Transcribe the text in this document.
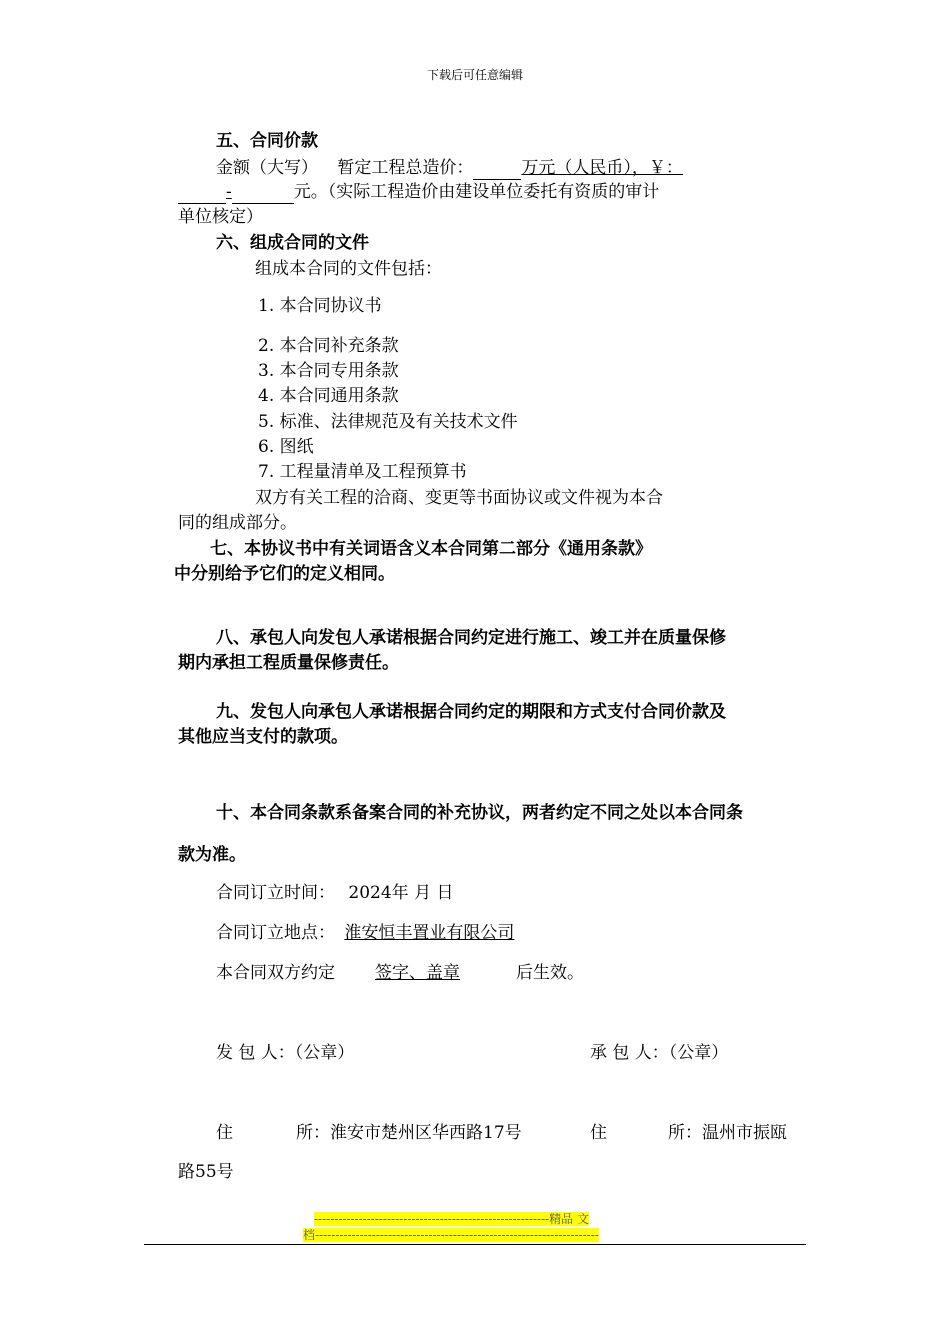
下载后可任意编辑
五、合同价款
金额（大写） 暂定工程总造价：	万元（人民币），￥：
-	元。（实际工程造价由建设单位委托有资质的审计
单位核定）
六、组成合同的文件
组成本合同的文件包括：
1. 本合同协议书
2. 本合同补充条款
3. 本合同专用条款
4. 本合同通用条款
5. 标准、法律规范及有关技术文件
6. 图纸
7. 工程量清单及工程预算书
双方有关工程的洽商、变更等书面协议或文件视为本合
同的组成部分。
七、本协议书中有关词语含义本合同第二部分《通用条款》
中分别给予它们的定义相同。
八、承包人向发包人承诺根据合同约定进行施工、竣工并在质量保修
期内承担工程质量保修责任。
九、发包人向承包人承诺根据合同约定的期限和方式支付合同价款及
其他应当支付的款项。
十、本合同条款系备案合同的补充协议，两者约定不同之处以本合同条
款为准。
合同订立时间： 2024年 月 日
合同订立地点： 淮安恒丰置业有限公司
本合同双方约定 签字、盖章	后生效。
发 包 人：（公章）	承 包 人：（公章）
住	所：淮安市楚州区华西路17号	住	所：温州市振瓯
路55号
----------------------------------------------------------精品 文
档----------------------------------------------------------------------
